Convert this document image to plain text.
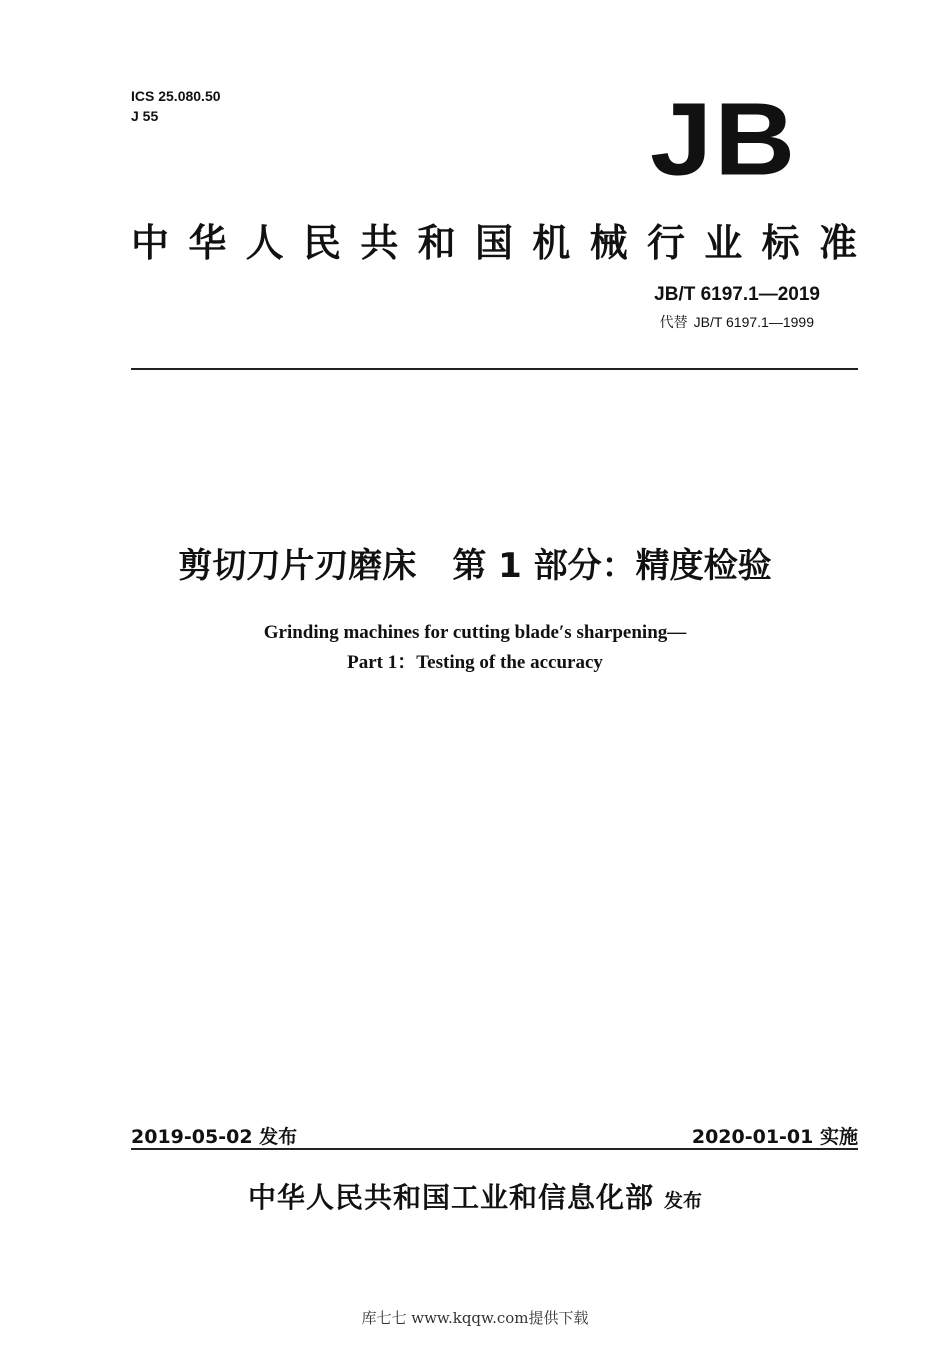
ICS 25.080.50
J 55	JB
中 华 人 民 共 和 国 机 械 行 业 标 准
JB/T 6197.1—2019
代替 JB/T 6197.1—1999
剪切刀片刃磨床 第 1 部分：精度检验
Grinding machines for cutting blade′s sharpening—
Part 1：Testing of the accuracy
2019-05-02 发布	2020-01-01 实施
中华人民共和国工业和信息化部 发布
库七七 www.kqqw.com提供下载
